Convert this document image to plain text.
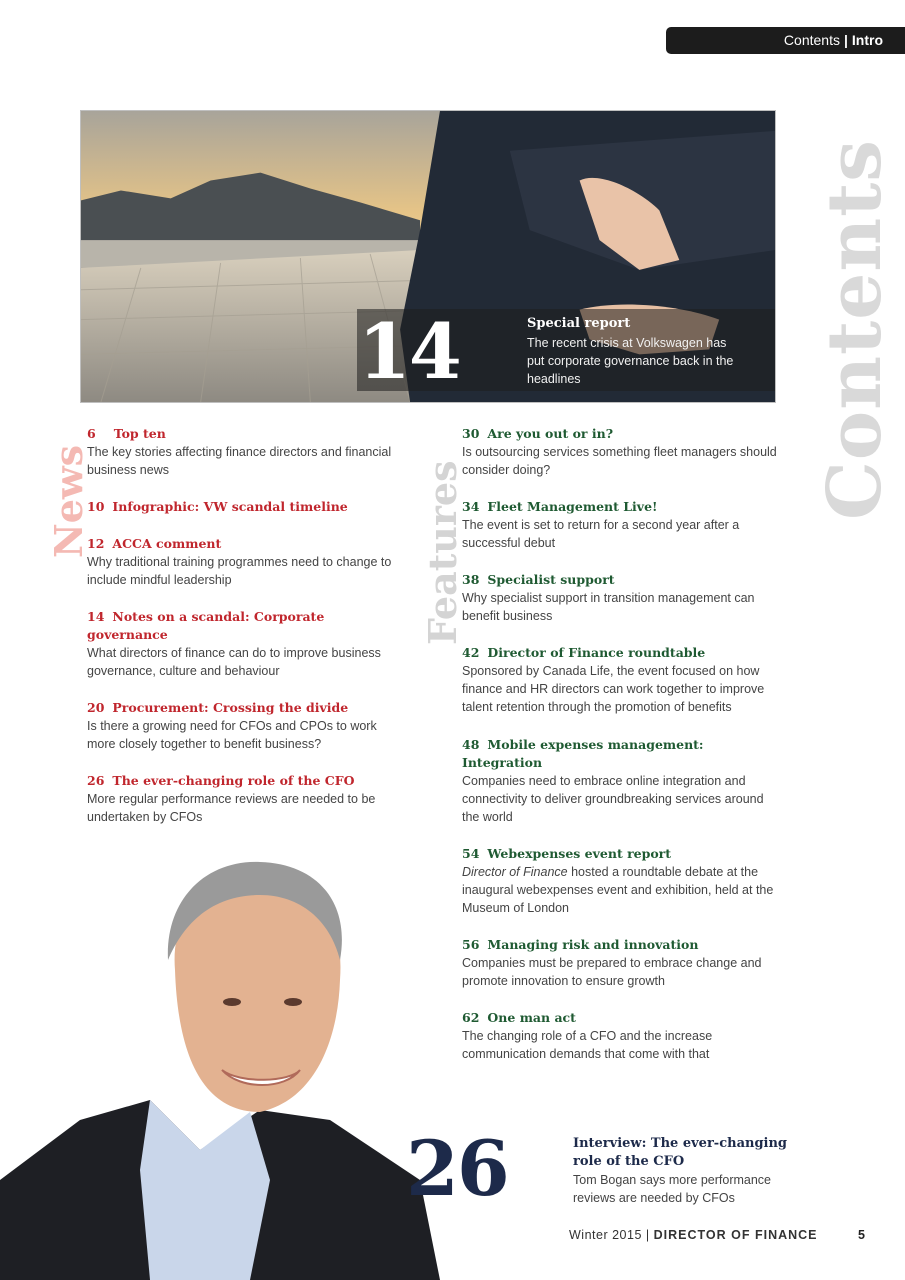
Contents | Intro
Contents
News	Features
14	Special report
The recent crisis at Volkswagen has put corporate governance back in the headlines
6 Top ten
The key stories affecting finance directors and financial business news
10 Infographic: VW scandal timeline
12 ACCA comment
Why traditional training programmes need to change to include mindful leadership
14 Notes on a scandal: Corporate governance
What directors of finance can do to improve business governance, culture and behaviour
20 Procurement: Crossing the divide
Is there a growing need for CFOs and CPOs to work more closely together to benefit business?
26 The ever-changing role of the CFO
More regular performance reviews are needed to be undertaken by CFOs
30 Are you out or in?
Is outsourcing services something fleet managers should consider doing?
34 Fleet Management Live!
The event is set to return for a second year after a successful debut
38 Specialist support
Why specialist support in transition management can benefit business
42 Director of Finance roundtable
Sponsored by Canada Life, the event focused on how finance and HR directors can work together to improve talent retention through the promotion of benefits
48 Mobile expenses management: Integration
Companies need to embrace online integration and connectivity to deliver groundbreaking services around the world
54 Webexpenses event report
Director of Finance hosted a roundtable debate at the inaugural webexpenses event and exhibition, held at the Museum of London
56 Managing risk and innovation
Companies must be prepared to embrace change and promote innovation to ensure growth
62 One man act
The changing role of a CFO and the increase communication demands that come with that
26	Interview: The ever-changing role of the CFO
Tom Bogan says more performance reviews are needed by CFOs
Winter 2015 | DIRECTOR OF FINANCE	5
